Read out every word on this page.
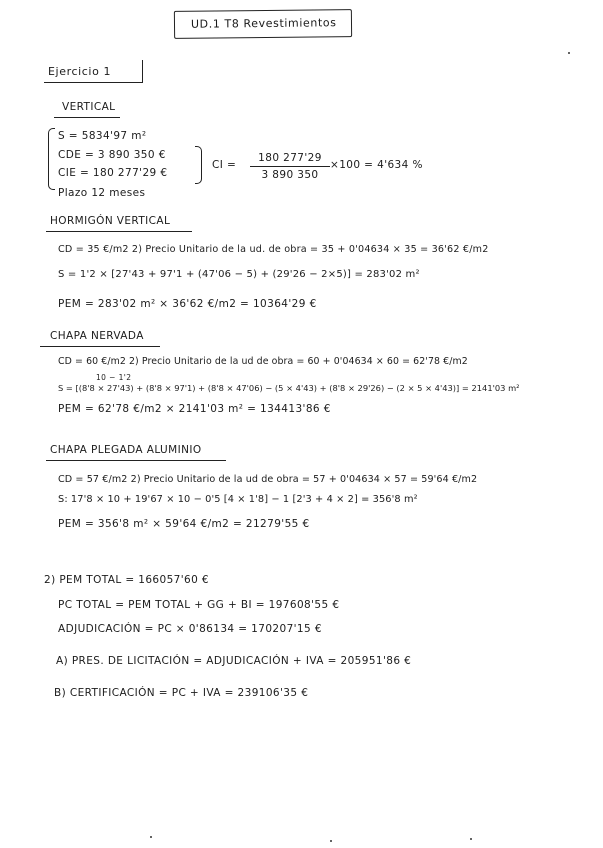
UD.1 T8 Revestimientos
Ejercicio 1
VERTICAL
S = 5834'97 m²
CDE = 3 890 350 €
CIE = 180 277'29 €
Plazo 12 meses
CI =
180 277'29
3 890 350
×100 = 4'634 %
HORMIGÓN VERTICAL
CD = 35 €/m2 2) Precio Unitario de la ud. de obra = 35 + 0'04634 × 35 = 36'62 €/m2
S = 1'2 × [27'43 + 97'1 + (47'06 − 5) + (29'26 − 2×5)] = 283'02 m²
PEM = 283'02 m² × 36'62 €/m2 = 10364'29 €
CHAPA NERVADA
CD = 60 €/m2 2) Precio Unitario de la ud de obra = 60 + 0'04634 × 60 = 62'78 €/m2
10 − 1'2
S = [(8'8 × 27'43) + (8'8 × 97'1) + (8'8 × 47'06) − (5 × 4'43) + (8'8 × 29'26) − (2 × 5 × 4'43)] = 2141'03 m²
PEM = 62'78 €/m2 × 2141'03 m² = 134413'86 €
CHAPA PLEGADA ALUMINIO
CD = 57 €/m2 2) Precio Unitario de la ud de obra = 57 + 0'04634 × 57 = 59'64 €/m2
S: 17'8 × 10 + 19'67 × 10 − 0'5 [4 × 1'8] − 1 [2'3 + 4 × 2] = 356'8 m²
PEM = 356'8 m² × 59'64 €/m2 = 21279'55 €
2) PEM TOTAL = 166057'60 €
PC TOTAL = PEM TOTAL + GG + BI = 197608'55 €
ADJUDICACIÓN = PC × 0'86134 = 170207'15 €
A) PRES. DE LICITACIÓN = ADJUDICACIÓN + IVA = 205951'86 €
B) CERTIFICACIÓN = PC + IVA = 239106'35 €
